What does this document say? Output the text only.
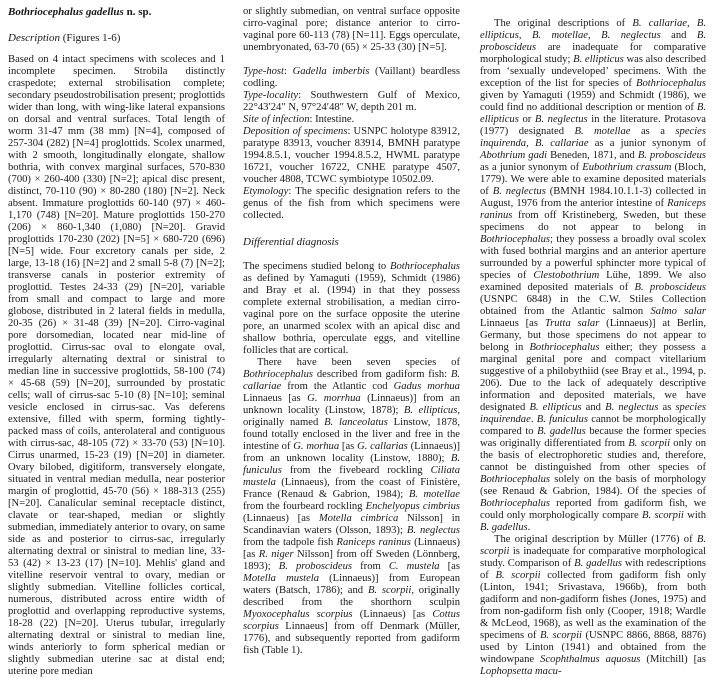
Bothriocephalus gadellus n. sp.
Description (Figures 1-6)

Based on 4 intact specimens with scoleces and 1 incomplete specimen. Strobila distinctly craspedote; external strobilisation complete; secondary pseudostrobilisation present; proglottids wider than long, with wing-like lateral expansions on dorsal and ventral surfaces. Total length of worm 31-47 mm (38 mm) [N=4], composed of 257-304 (282) [N=4] proglottids. Scolex unarmed, with 2 smooth, longitudinally elongate, shallow bothria, with convex marginal surfaces, 570-830 (700) × 260-400 (330) [N=2]; apical disc present, distinct, 70-110 (90) × 80-280 (180) [N=2]. Neck absent. Immature proglottids 60-140 (97) × 460-1,170 (748) [N=20]. Mature proglottids 150-270 (206) × 860-1,340 (1,080) [N=20]. Gravid proglottids 170-230 (202) [N=5] × 680-720 (696) [N=5] wide. Four excretory canals per side, 2 large, 13-18 (16) [N=2] and 2 small 5-8 (7) [N=2]; transverse canals in posterior extremity of proglottid. Testes 24-33 (29) [N=20], variable from small and compact to large and more globose, distributed in 2 lateral fields in medulla, 20-35 (26) × 31-48 (39) [N=20]. Cirro-vaginal pore dorsomedian, located near mid-line of proglottid. Cirrus-sac oval to elongate oval, irregularly alternating dextral or sinistral to median line in successive proglottids, 58-100 (74) × 45-68 (59) [N=20], surrounded by prostatic cells; wall of cirrus-sac 5-10 (8) [N=10]; seminal vesicle enclosed in cirrus-sac. Vas deferens extensive, filled with sperm, forming tightly-packed mass of coils, anterolateral and contiguous with cirrus-sac, 48-105 (72) × 33-70 (53) [N=10]. Cirrus unarmed, 15-23 (19) [N=20] in diameter. Ovary bilobed, digitiform, transversely elongate, situated in ventral median medulla, near posterior margin of proglottid, 45-70 (56) × 188-313 (255) [N=20]. Canalicular seminal receptacle distinct, clavate or tear-shaped, median or slightly submedian, immediately anterior to ovary, on same side as and posterior to cirrus-sac, irregularly alternating dextral or sinistral to median line, 33-53 (42) × 13-23 (17) [N=10]. Mehlis' gland and vitelline reservoir ventral to ovary, median or slightly submedian. Vitelline follicles cortical, numerous, distributed across entire width of proglottid and overlapping reproductive systems, 18-28 (22) [N=20]. Uterus tubular, irregularly alternating dextral or sinistral to median line, winds anteriorly to form spherical median or slightly submedian uterine sac at distal end; uterine pore median

or slightly submedian, on ventral surface opposite cirro-vaginal pore; distance anterior to cirro-vaginal pore 60-113 (78) [N=11]. Eggs operculate, unembryonated, 63-70 (65) × 25-33 (30) [N=5].

Type-host: Gadella imberbis (Vaillant) beardless codling.

Type-locality: Southwestern Gulf of Mexico, 22°43′24″ N, 97°24′48″ W, depth 201 m.

Site of infection: Intestine.

Deposition of specimens: USNPC holotype 83912, paratype 83913, voucher 83914, BMNH paratype 1994.8.5.1, voucher 1994.8.5.2, HWML paratype 16721, voucher 16722, CNHE paratype 4507, voucher 4808, TCWC symbiotype 10502.09.

Etymology: The specific designation refers to the genus of the fish from which specimens were collected.

Differential diagnosis

The specimens studied belong to Bothriocephalus as defined by Yamaguti (1959), Schmidt (1986) and Bray et al. (1994) in that they possess complete external strobilisation, a median cirro-vaginal pore on the surface opposite the uterine pore, an unarmed scolex with an apical disc and shallow bothria, operculate eggs, and vitelline follicles that are cortical.

There have been seven species of Bothriocephalus described from gadiform fish: B. callariae from the Atlantic cod Gadus morhua Linnaeus [as G. morrhua (Linnaeus)] from an unknown locality (Linstow, 1878); B. ellipticus, originally named B. lanceolatus Linstow, 1878, found totally enclosed in the liver and free in the intestine of G. morhua [as G. callarias (Linnaeus)] from an unknown locality (Linstow, 1880); B. funiculus from the fivebeard rockling Ciliata mustela (Linnaeus), from the coast of Finistère, France (Renaud & Gabrion, 1984); B. motellae from the fourbeard rockling Enchelyopus cimbrius (Linnaeus) [as Motella cimbrica Nilsson] in Scandinavian waters (Olsson, 1893); B. neglectus from the tadpole fish Raniceps raninus (Linnaeus) [as R. niger Nilsson] from off Sweden (Lönnberg, 1893); B. proboscideus from C. mustela [as Motella mustela (Linnaeus)] from European waters (Batsch, 1786); and B. scorpii, originally described from the shorthorn sculpin Myoxocephalus scorpius (Linnaeus) [as Cottus scorpius Linnaeus] from off Denmark (Müller, 1776), and subsequently reported from gadiform fish (Table 1).

The original descriptions of B. callariae, B. ellipticus, B. motellae, B. neglectus and B. proboscideus are inadequate for comparative morphological study; B. ellipticus was also described from ‘sexually undeveloped’ specimens. With the exception of the list for species of Bothriocephalus given by Yamaguti (1959) and Schmidt (1986), we could find no additional description or mention of B. ellipticus or B. neglectus in the literature. Protasova (1977) designated B. motellae as a species inquirenda, B. callariae as a junior synonym of Abothrium gadi Beneden, 1871, and B. proboscideus as a junior synonym of Eubothrium crassum (Bloch, 1779). We were able to examine deposited materials of B. neglectus (BMNH 1984.10.1.1-3) collected in August, 1976 from the anterior intestine of Raniceps raninus from off Kristineberg, Sweden, but these specimens do not appear to belong in Bothriocephalus; they possess a broadly oval scolex with fused bothrial margins and an anterior aperture surrounded by a powerful sphincter more typical of species of Clestobothrium Lühe, 1899. We also examined deposited materials of B. proboscideus (USNPC 6848) in the C.W. Stiles Collection obtained from the Atlantic salmon Salmo salar Linnaeus [as Trutta salar (Linnaeus)] at Berlin, Germany, but those specimens do not appear to belong in Bothriocephalus either; they possess a marginal genital pore and compact vitellarium suggestive of a philobythiid (see Bray et al., 1994, p. 206). Due to the lack of adequately descriptive information and deposited materials, we have designated B. ellipticus and B. neglectus as species inquirendae. B. funiculus cannot be morphologically compared to B. gadellus because the former species was originally differentiated from B. scorpii only on the basis of electrophoretic studies and, therefore, cannot be distinguished from other species of Bothriocephalus solely on the basis of morphology (see Renaud & Gabrion, 1984). Of the species of Bothriocephalus reported from gadiform fish, we could only morphologically compare B. scorpii with B. gadellus.

The original description by Müller (1776) of B. scorpii is inadequate for comparative morphological study. Comparison of B. gadellus with redescriptions of B. scorpii collected from gadiform fish only (Linton, 1941; Srivastava, 1966b), from both gadiform and non-gadiform fishes (Jones, 1975) and from non-gadiform fish only (Cooper, 1918; Wardle & McLeod, 1968), as well as the examination of the specimens of B. scorpii (USNPC 8866, 8868, 8876) used by Linton (1941) and obtained from the windowpane Scophthalmus aquosus (Mitchill) [as Lophopsetta macu-
